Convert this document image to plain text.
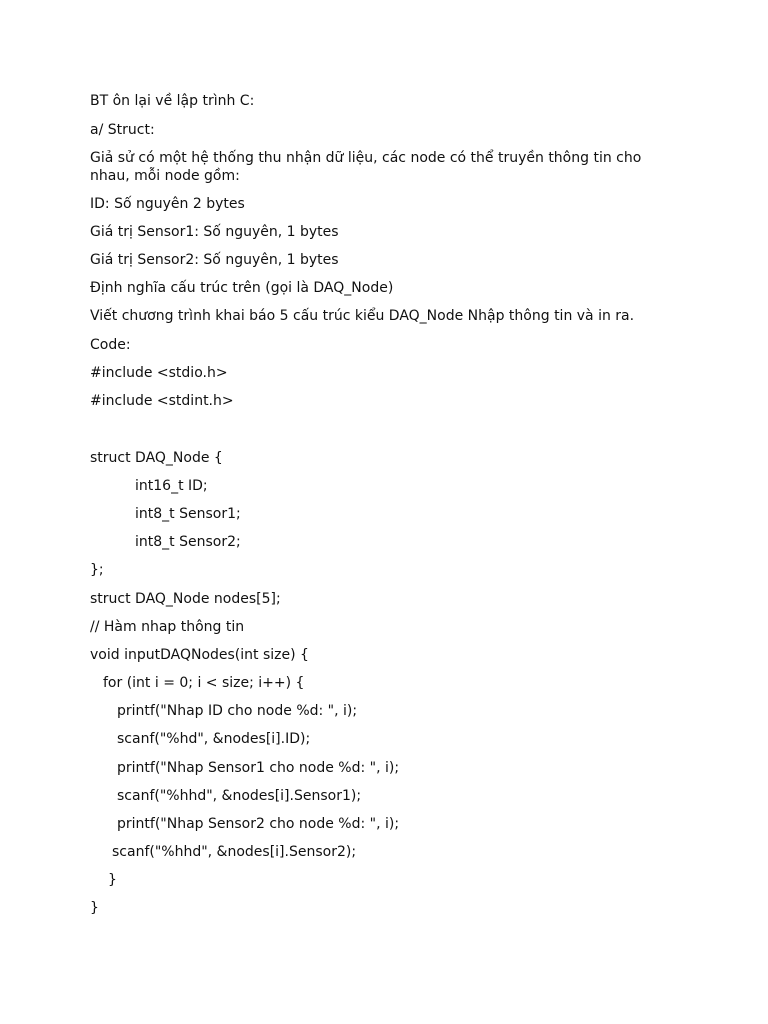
BT ôn lại về lập trình C:

a/ Struct:

Giả sử có một hệ thống thu nhận dữ liệu, các node có thể truyền thông tin cho nhau, mỗi node gồm:

ID: Số nguyên 2 bytes

Giá trị Sensor1: Số nguyên, 1 bytes

Giá trị Sensor2: Số nguyên, 1 bytes

Định nghĩa cấu trúc trên (gọi là DAQ_Node)

Viết chương trình khai báo 5 cấu trúc kiểu DAQ_Node Nhập thông tin và in ra.

Code:

#include <stdio.h>

#include <stdint.h>

struct DAQ_Node {

int16_t ID;

int8_t Sensor1;

int8_t Sensor2;

};

struct DAQ_Node nodes[5];

// Hàm nhap thông tin

void inputDAQNodes(int size) {

for (int i = 0; i < size; i++) {

printf("Nhap ID cho node %d: ", i);

scanf("%hd", &nodes[i].ID);

printf("Nhap Sensor1 cho node %d: ", i);

scanf("%hhd", &nodes[i].Sensor1);

printf("Nhap Sensor2 cho node %d: ", i);

scanf("%hhd", &nodes[i].Sensor2);

}

}
